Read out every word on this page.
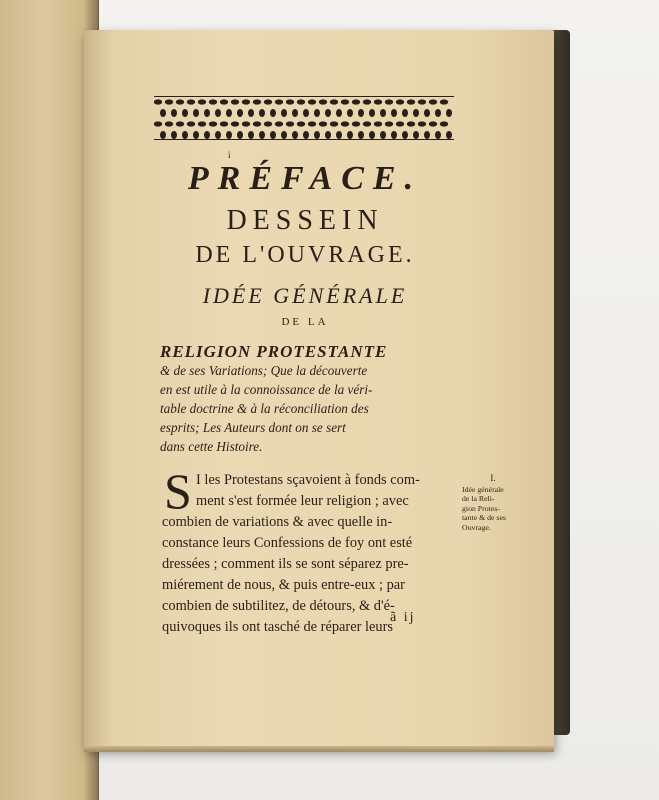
i
PRÉFACE.
DESSEIN
DE L'OUVRAGE.
IDÉE GÉNÉRALE
DE LA
RELIGION PROTESTANTE
& de ses Variations; Que la découverte
en est utile à la connoissance de la véri-
table doctrine & à la réconciliation des
esprits; Les Auteurs dont on se sert
dans cette Histoire.
S I les Protestans sçavoient à fonds com-
ment s'est formée leur religion ; avec
combien de variations & avec quelle in-
constance leurs Confessions de foy ont esté
dressées ; comment ils se sont séparez pre-
miérement de nous, & puis entre-eux ; par
combien de subtilitez, de détours, & d'é-
quivoques ils ont tasché de réparer leurs
I.
Idée générale
de la Reli-
gion Protes-
tante & de ses
Ouvrage.
ã ij
